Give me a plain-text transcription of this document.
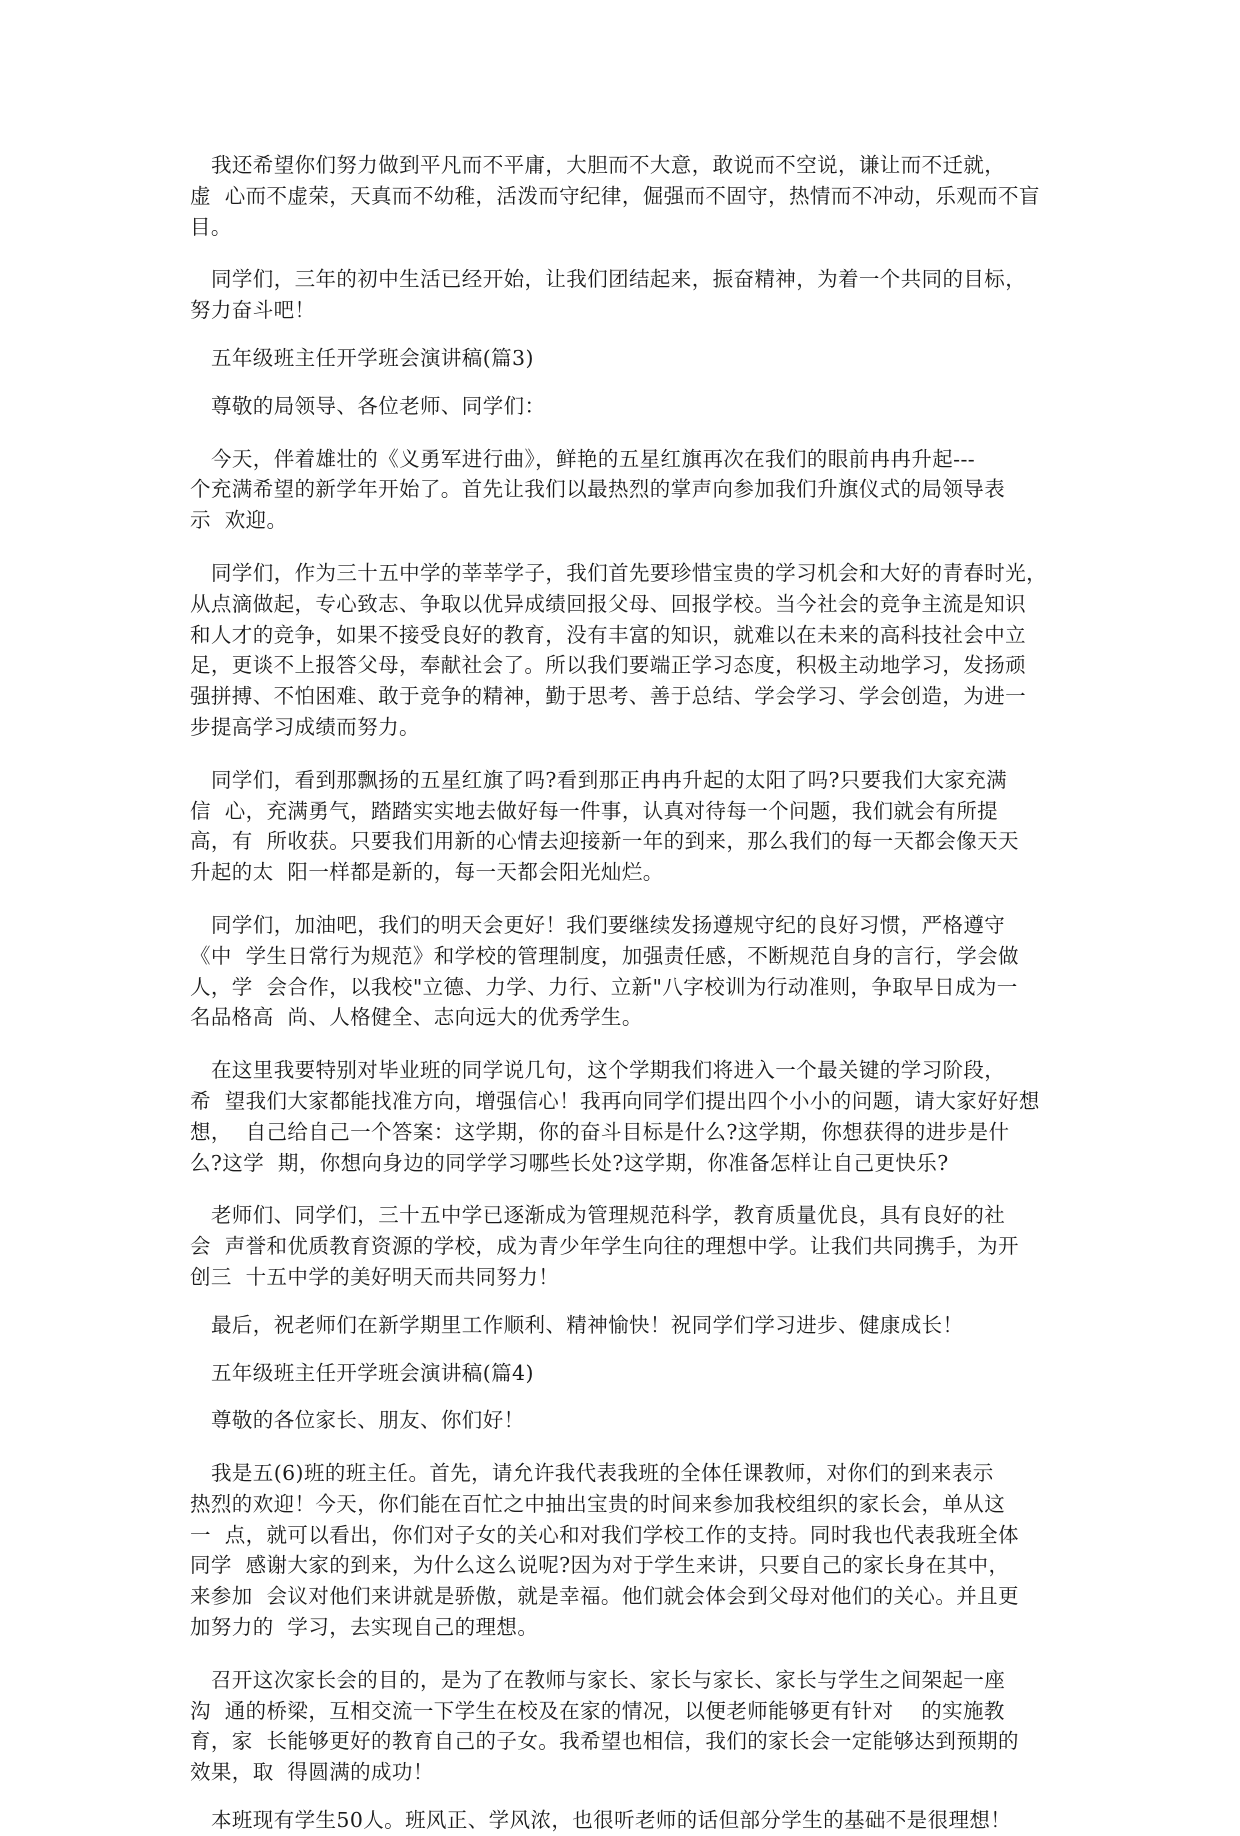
我还希望你们努力做到平凡而不平庸，大胆而不大意，敢说而不空说，谦让而不迁就，
虚  心而不虚荣，天真而不幼稚，活泼而守纪律，倔强而不固守，热情而不冲动，乐观而不盲
目。

同学们，三年的初中生活已经开始，让我们团结起来，振奋精神，为着一个共同的目标，
努力奋斗吧！

五年级班主任开学班会演讲稿(篇3)

尊敬的局领导、各位老师、同学们：

今天，伴着雄壮的《义勇军进行曲》，鲜艳的五星红旗再次在我们的眼前冉冉升起---
个充满希望的新学年开始了。首先让我们以最热烈的掌声向参加我们升旗仪式的局领导表
示  欢迎。

同学们，作为三十五中学的莘莘学子，我们首先要珍惜宝贵的学习机会和大好的青春时光，
从点滴做起，专心致志、争取以优异成绩回报父母、回报学校。当今社会的竞争主流是知识
和人才的竞争，如果不接受良好的教育，没有丰富的知识，就难以在未来的高科技社会中立
足，更谈不上报答父母，奉献社会了。所以我们要端正学习态度，积极主动地学习，发扬顽
强拼搏、不怕困难、敢于竞争的精神，勤于思考、善于总结、学会学习、学会创造，为进一
步提高学习成绩而努力。

同学们，看到那飘扬的五星红旗了吗?看到那正冉冉升起的太阳了吗?只要我们大家充满
信  心，充满勇气，踏踏实实地去做好每一件事，认真对待每一个问题，我们就会有所提
高，有  所收获。只要我们用新的心情去迎接新一年的到来，那么我们的每一天都会像天天
升起的太  阳一样都是新的，每一天都会阳光灿烂。

同学们，加油吧，我们的明天会更好！我们要继续发扬遵规守纪的良好习惯，严格遵守
《中  学生日常行为规范》和学校的管理制度，加强责任感，不断规范自身的言行，学会做
人，学  会合作，以我校"立德、力学、力行、立新"八字校训为行动准则，争取早日成为一
名品格高  尚、人格健全、志向远大的优秀学生。

在这里我要特别对毕业班的同学说几句，这个学期我们将进入一个最关键的学习阶段，
希  望我们大家都能找准方向，增强信心！我再向同学们提出四个小小的问题，请大家好好想
想，  自己给自己一个答案：这学期，你的奋斗目标是什么?这学期，你想获得的进步是什
么?这学  期，你想向身边的同学学习哪些长处?这学期，你准备怎样让自己更快乐?

老师们、同学们，三十五中学已逐渐成为管理规范科学，教育质量优良，具有良好的社
会  声誉和优质教育资源的学校，成为青少年学生向往的理想中学。让我们共同携手，为开
创三  十五中学的美好明天而共同努力！

最后，祝老师们在新学期里工作顺利、精神愉快！祝同学们学习进步、健康成长！

五年级班主任开学班会演讲稿(篇4)

尊敬的各位家长、朋友、你们好！

我是五(6)班的班主任。首先，请允许我代表我班的全体任课教师，对你们的到来表示
热烈的欢迎！今天，你们能在百忙之中抽出宝贵的时间来参加我校组织的家长会，单从这
一  点，就可以看出，你们对子女的关心和对我们学校工作的支持。同时我也代表我班全体
同学  感谢大家的到来，为什么这么说呢?因为对于学生来讲，只要自己的家长身在其中，
来参加  会议对他们来讲就是骄傲，就是幸福。他们就会体会到父母对他们的关心。并且更
加努力的  学习，去实现自己的理想。

召开这次家长会的目的，是为了在教师与家长、家长与家长、家长与学生之间架起一座
沟  通的桥梁，互相交流一下学生在校及在家的情况，以便老师能够更有针对    的实施教
育，家  长能够更好的教育自己的子女。我希望也相信，我们的家长会一定能够达到预期的
效果，取  得圆满的成功！

本班现有学生50人。班风正、学风浓，也很听老师的话但部分学生的基础不是很理想！
